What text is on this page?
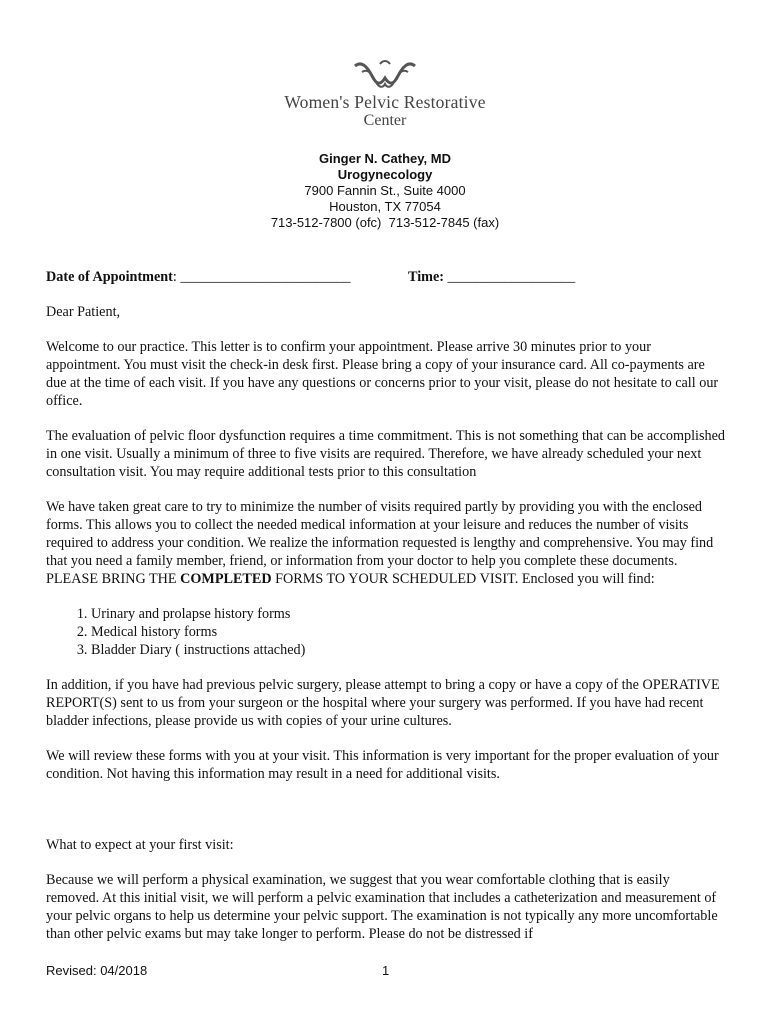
Women's Pelvic Restorative
Center
Ginger N. Cathey, MD
Urogynecology
7900 Fannin St., Suite 4000
Houston, TX 77054
713-512-7800 (ofc)  713-512-7845 (fax)
Date of Appointment: ________________________	Time: __________________

Dear Patient,

Welcome to our practice. This letter is to confirm your appointment. Please arrive 30 minutes prior to your appointment. You must visit the check-in desk first. Please bring a copy of your insurance card. All co-payments are due at the time of each visit. If you have any questions or concerns prior to your visit, please do not hesitate to call our office.

The evaluation of pelvic floor dysfunction requires a time commitment. This is not something that can be accomplished in one visit. Usually a minimum of three to five visits are required. Therefore, we have already scheduled your next consultation visit. You may require additional tests prior to this consultation

We have taken great care to try to minimize the number of visits required partly by providing you with the enclosed forms. This allows you to collect the needed medical information at your leisure and reduces the number of visits required to address your condition. We realize the information requested is lengthy and comprehensive. You may find that you need a family member, friend, or information from your doctor to help you complete these documents. PLEASE BRING THE COMPLETED FORMS TO YOUR SCHEDULED VISIT. Enclosed you will find:

1. Urinary and prolapse history forms
2. Medical history forms
3. Bladder Diary ( instructions attached)

In addition, if you have had previous pelvic surgery, please attempt to bring a copy or have a copy of the OPERATIVE REPORT(S) sent to us from your surgeon or the hospital where your surgery was performed. If you have had recent bladder infections, please provide us with copies of your urine cultures.

We will review these forms with you at your visit. This information is very important for the proper evaluation of your condition. Not having this information may result in a need for additional visits.

What to expect at your first visit:

Because we will perform a physical examination, we suggest that you wear comfortable clothing that is easily removed. At this initial visit, we will perform a pelvic examination that includes a catheterization and measurement of your pelvic organs to help us determine your pelvic support. The examination is not typically any more uncomfortable than other pelvic exams but may take longer to perform. Please do not be distressed if

Revised: 04/2018	1
